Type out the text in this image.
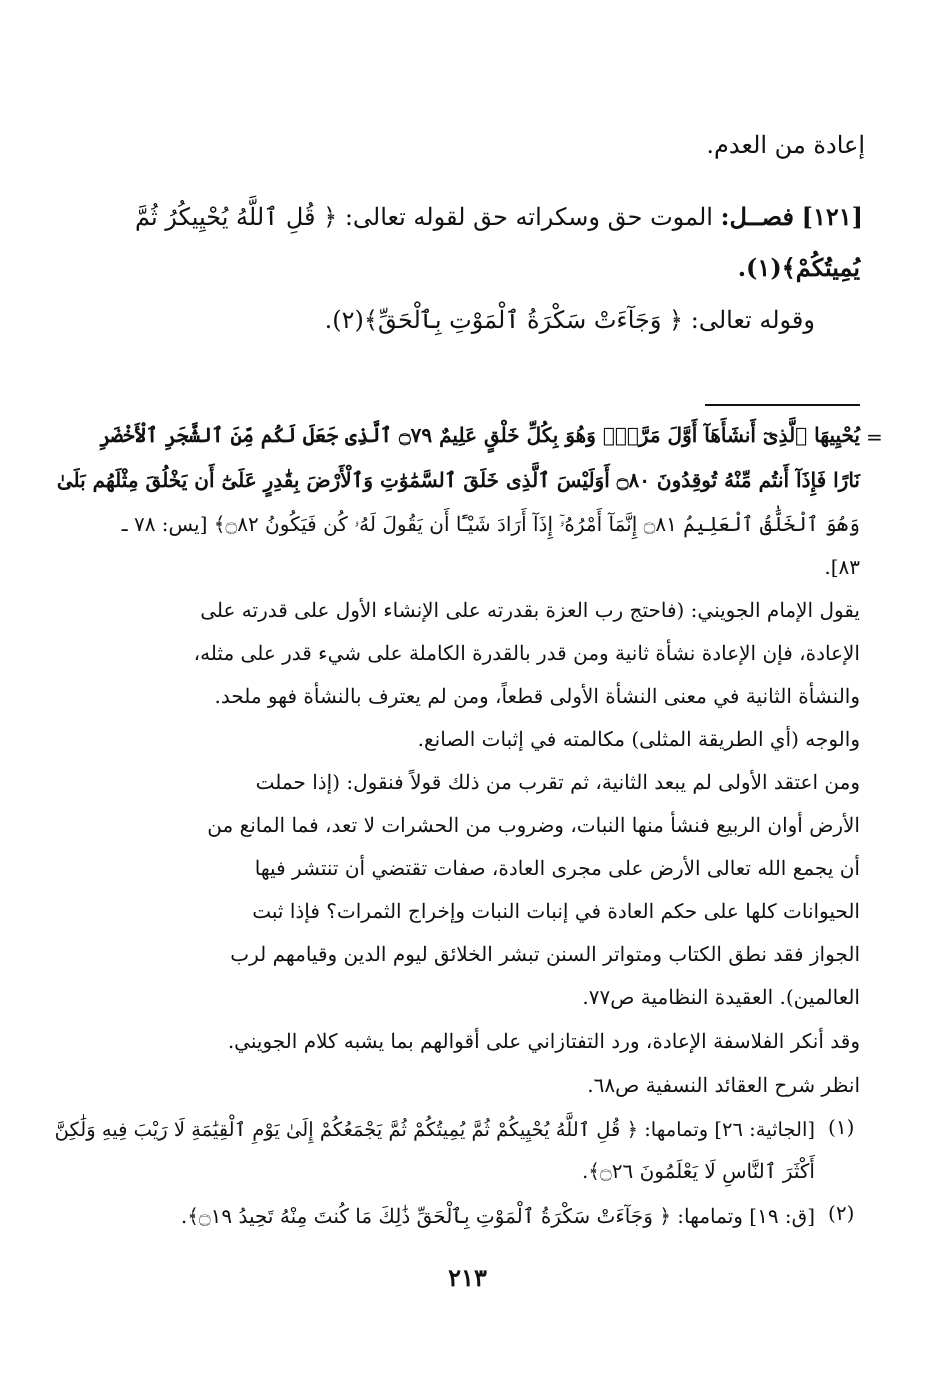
إعادة من العدم.
[١٢١] فصــل: الموت حق وسكراته حق لقوله تعالى: ﴿ قُلِ ٱللَّهُ يُحْيِيكُرُ ثُمَّ
يُمِيتُكُمْ﴾(١).
وقوله تعالى: ﴿ وَجَآءَتْ سَكْرَةُ ٱلْمَوْتِ بِٱلْحَقِّ﴾(٢).
=
يُحْيِيهَا ٱلَّذِىٓ أَنشَأَهَآ أَوَّلَ مَرَّةٍۢ وَهُوَ بِكُلِّ خَلْقٍ عَلِيمٌ ۝٧٩ ٱلَّذِى جَعَلَ لَكُم مِّنَ ٱلشَّجَرِ ٱلْأَخْضَرِ
نَارًا فَإِذَآ أَنتُم مِّنْهُ تُوقِدُونَ ۝٨٠ أَوَلَيْسَ ٱلَّذِى خَلَقَ ٱلسَّمَٰوَٰتِ وَٱلْأَرْضَ بِقَٰدِرٍ عَلَىٰٓ أَن يَخْلُقَ مِثْلَهُم بَلَىٰ
وَهُوَ ٱلْخَلَّٰقُ ٱلْعَلِيمُ ۝٨١ إِنَّمَآ أَمْرُهُۥٓ إِذَآ أَرَادَ شَيْـًٔا أَن يَقُولَ لَهُۥ كُن فَيَكُونُ ۝٨٢﴾ [يس: ٧٨ ـ
٨٣].
يقول الإمام الجويني: (فاحتج رب العزة بقدرته على الإنشاء الأول على قدرته على
الإعادة، فإن الإعادة نشأة ثانية ومن قدر بالقدرة الكاملة على شيء قدر على مثله،
والنشأة الثانية في معنى النشأة الأولى قطعاً، ومن لم يعترف بالنشأة فهو ملحد.
والوجه (أي الطريقة المثلى) مكالمته في إثبات الصانع.
ومن اعتقد الأولى لم يبعد الثانية، ثم تقرب من ذلك قولاً فنقول: (إذا حملت
الأرض أوان الربيع فنشأ منها النبات، وضروب من الحشرات لا تعد، فما المانع من
أن يجمع الله تعالى الأرض على مجرى العادة، صفات تقتضي أن تنتشر فيها
الحيوانات كلها على حكم العادة في إنبات النبات وإخراج الثمرات؟ فإذا ثبت
الجواز فقد نطق الكتاب ومتواتر السنن تبشر الخلائق ليوم الدين وقيامهم لرب
العالمين). العقيدة النظامية ص٧٧.
وقد أنكر الفلاسفة الإعادة، ورد التفتازاني على أقوالهم بما يشبه كلام الجويني.
انظر شرح العقائد النسفية ص٦٨.
(١)
[الجاثية: ٢٦] وتمامها: ﴿ قُلِ ٱللَّهُ يُحْيِيكُمْ ثُمَّ يُمِيتُكُمْ ثُمَّ يَجْمَعُكُمْ إِلَىٰ يَوْمِ ٱلْقِيَٰمَةِ لَا رَيْبَ فِيهِ وَلَٰكِنَّ
أَكْثَرَ ٱلنَّاسِ لَا يَعْلَمُونَ ۝٢٦﴾.
(٢)
[ق: ١٩] وتمامها: ﴿ وَجَآءَتْ سَكْرَةُ ٱلْمَوْتِ بِٱلْحَقِّ ذَٰلِكَ مَا كُنتَ مِنْهُ تَحِيدُ ۝١٩﴾.
٢١٣
